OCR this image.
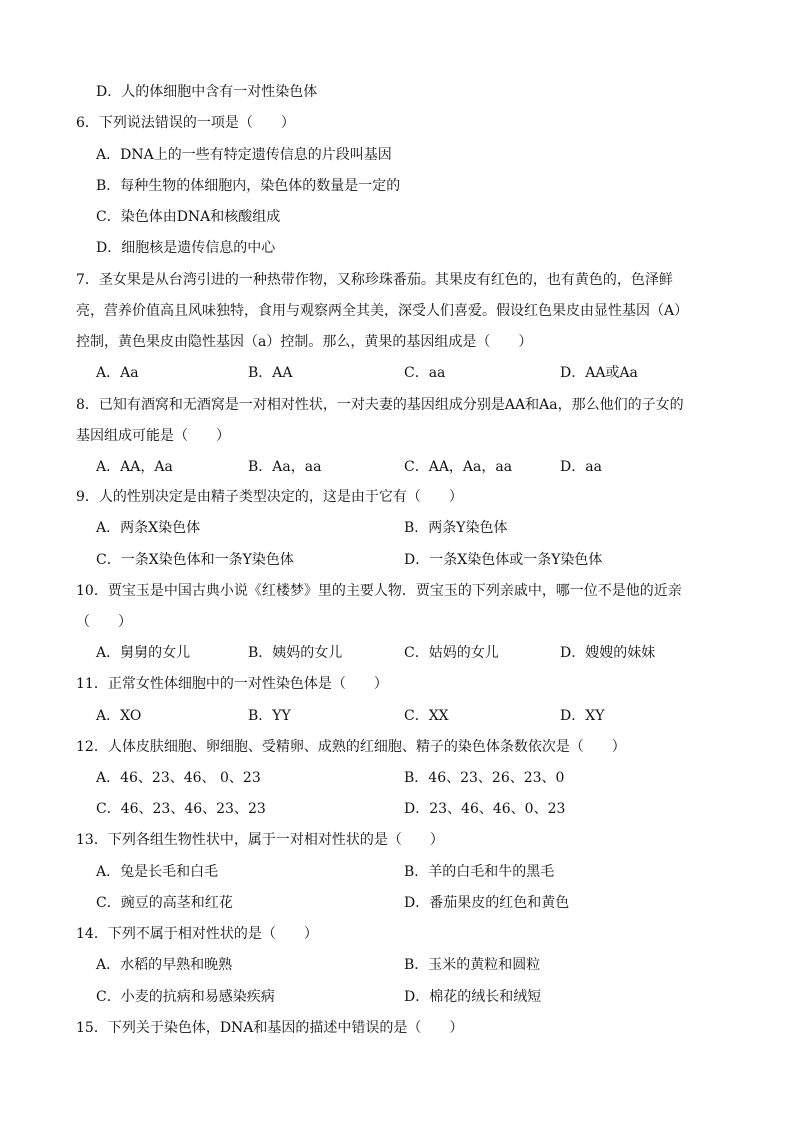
D．人的体细胞中含有一对性染色体
6．下列说法错误的一项是（　　）
A．DNA上的一些有特定遗传信息的片段叫基因
B．每种生物的体细胞内，染色体的数量是一定的
C．染色体由DNA和核酸组成
D．细胞核是遗传信息的中心
7．圣女果是从台湾引进的一种热带作物，又称珍珠番茄。其果皮有红色的，也有黄色的，色泽鲜
亮，营养价值高且风味独特，食用与观察两全其美，深受人们喜爱。假设红色果皮由显性基因（A）
控制，黄色果皮由隐性基因（a）控制。那么，黄果的基因组成是（　　）
A．Aa	B．AA	C．aa	D．AA或Aa
8．已知有酒窝和无酒窝是一对相对性状，一对夫妻的基因组成分别是AA和Aa，那么他们的子女的
基因组成可能是（　　）
A．AA，Aa	B．Aa，aa	C．AA，Aa，aa	D．aa
9．人的性别决定是由精子类型决定的，这是由于它有（　　）
A．两条X染色体	B．两条Y染色体
C．一条X染色体和一条Y染色体	D．一条X染色体或一条Y染色体
10．贾宝玉是中国古典小说《红楼梦》里的主要人物．贾宝玉的下列亲戚中，哪一位不是他的近亲
（　　）
A．舅舅的女儿	B．姨妈的女儿	C．姑妈的女儿	D．嫂嫂的妹妹
11．正常女性体细胞中的一对性染色体是（　　）
A．XO	B．YY	C．XX	D．XY
12．人体皮肤细胞、卵细胞、受精卵、成熟的红细胞、精子的染色体条数依次是（　　）
A．46、23、46、 0、23	B．46、23、26、23、0
C．46、23、46、23、23	D．23、46、46、0、23
13．下列各组生物性状中，属于一对相对性状的是（　　）
A．兔是长毛和白毛	B．羊的白毛和牛的黑毛
C．豌豆的高茎和红花	D．番茄果皮的红色和黄色
14．下列不属于相对性状的是（　　）
A．水稻的早熟和晚熟	B．玉米的黄粒和圆粒
C．小麦的抗病和易感染疾病	D．棉花的绒长和绒短
15．下列关于染色体，DNA和基因的描述中错误的是（　　）
